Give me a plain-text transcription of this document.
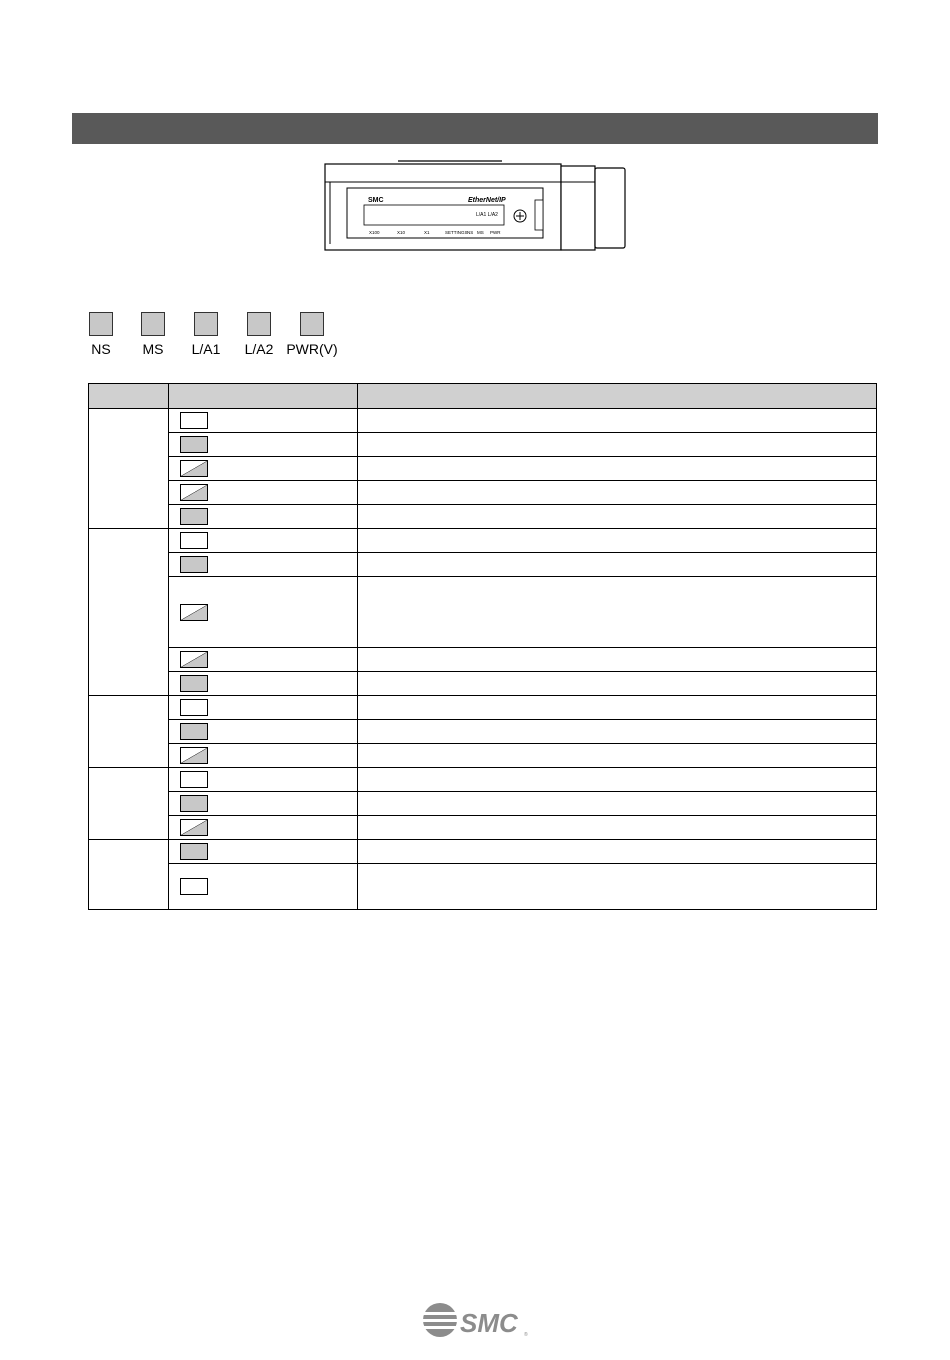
SMC	EtherNet/IP
L/A1 L/A2
X100	X10	X1	SETTINGS NS MS PWR
NS	MS	L/A1	L/A2 PWR(V)

SMC ®
